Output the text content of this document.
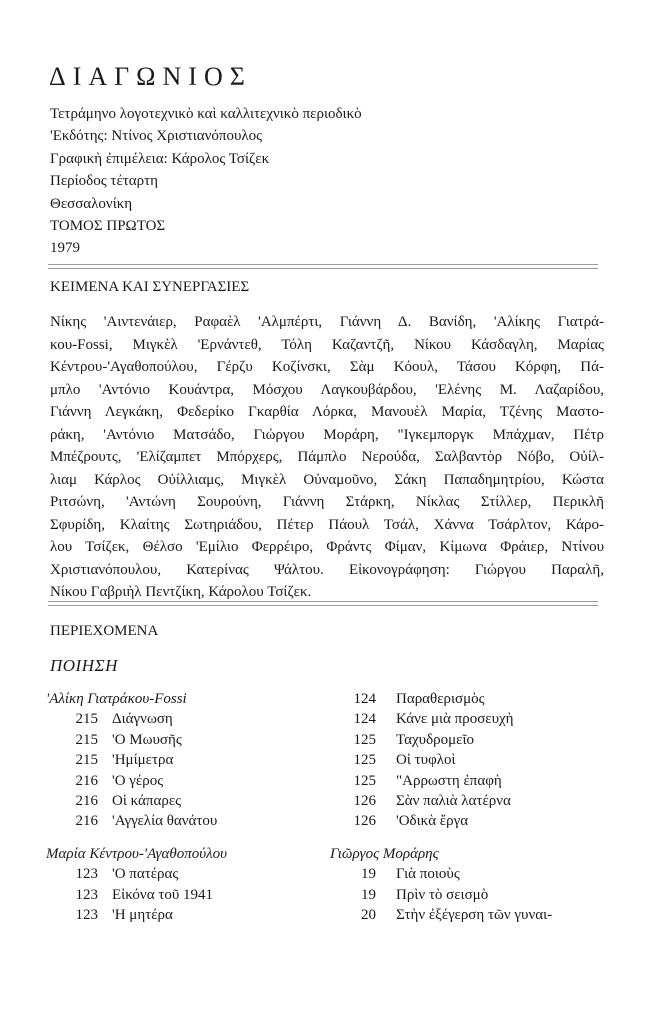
ΔΙΑΓΩΝΙΟΣ
Τετράμηνο λογοτεχνικὸ καὶ καλλιτεχνικὸ περιοδικὸ
'Εκδότης: Ντίνος Χριστιανόπουλος
Γραφικὴ ἐπιμέλεια: Κάρολος Τσίζεκ
Περίοδος τέταρτη
Θεσσαλονίκη
ΤΟΜΟΣ ΠΡΩΤΟΣ
1979
ΚΕΙΜΕΝΑ ΚΑΙ ΣΥΝΕΡΓΑΣΙΕΣ
Νίκης 'Αιντενάιερ, Ραφαὲλ 'Αλμπέρτι, Γιάννη Δ. Βανίδη, 'Αλίκης Γιατρά-
κου-Fossi, Μιγκὲλ 'Ερνάντεθ, Τόλη Καζαντζῆ, Νίκου Κάσδαγλη, Μαρίας
Κέντρου-'Αγαθοπούλου, Γέρζυ Κοζίνσκι, Σὰμ Κόουλ, Τάσου Κόρφη, Πά-
μπλο 'Αντόνιο Κουάντρα, Μόσχου Λαγκουβάρδου, 'Ελένης Μ. Λαζαρίδου,
Γιάννη Λεγκάκη, Φεδερίκο Γκαρθία Λόρκα, Μανουὲλ Μαρία, Τζένης Μαστο-
ράκη, 'Αντόνιο Ματσάδο, Γιώργου Μοράρη, "Ιγκεμποργκ Μπάχμαν, Πέτρ
Μπέζρουτς, 'Ελίζαμπετ Μπόρχερς, Πάμπλο Νερούδα, Σαλβαντὸρ Νόβο, Οὐίλ-
λιαμ Κάρλος Οὐίλλιαμς, Μιγκὲλ Οὐναμοῦνο, Σάκη Παπαδημητρίου, Κώστα
Ριτσώνη, 'Αντώνη Σουρούνη, Γιάννη Στάρκη, Νίκλας Στίλλερ, Περικλῆ
Σφυρίδη, Κλαίτης Σωτηριάδου, Πέτερ Πάουλ Τσάλ, Χάννα Τσάρλτον, Κάρο-
λου Τσίζεκ, Θέλσο 'Εμίλιο Φερρέιρο, Φράντς Φίμαν, Κίμωνα Φράιερ, Ντίνου
Χριστιανόπουλου, Κατερίνας Ψάλτου. Εἰκονογράφηση: Γιώργου Παραλῆ,
Νίκου Γαβριὴλ Πεντζίκη, Κάρολου Τσίζεκ.
ΠΕΡΙΕΧΟΜΕΝΑ
ΠΟΙΗΣΗ
'Αλίκη Γιατράκου-Fossi
215 Διάγνωση
215 'Ο Μωυσῆς
215 'Ημίμετρα
216 'Ο γέρος
216 Οἱ κάπαρες
216 'Αγγελία θανάτου
Μαρία Κέντρου-'Αγαθοπούλου
123 'Ο πατέρας
123 Εἰκόνα τοῦ 1941
123 'Η μητέρα
124 Παραθερισμὸς
124 Κάνε μιὰ προσευχὴ
125 Ταχυδρομεῖο
125 Οἱ τυφλοὶ
125 "Αρρωστη ἐπαφὴ
126 Σὰν παλιὰ λατέρνα
126 'Οδικὰ ἔργα
Γιῶργος Μοράρης
19 Γιὰ ποιοὺς
19 Πρὶν τὸ σεισμὸ
20 Στὴν ἐξέγερση τῶν γυναι-
